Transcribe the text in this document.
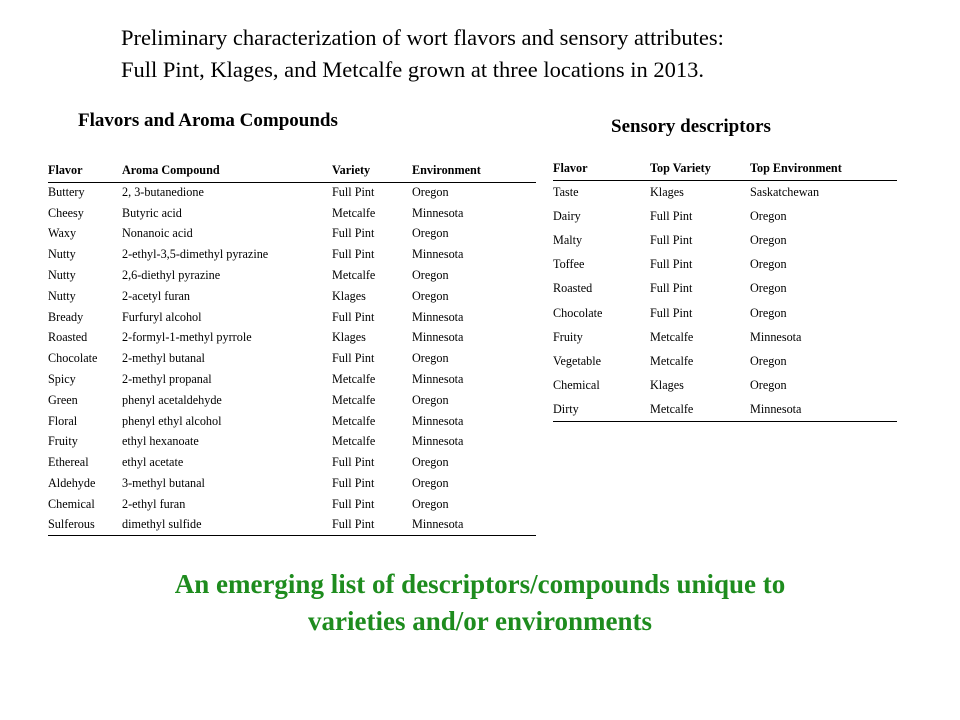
Preliminary characterization of wort flavors and sensory attributes:
Full Pint, Klages, and Metcalfe grown at three locations in 2013.
Flavors and Aroma Compounds	Sensory descriptors
Flavor	Aroma Compound	Variety	Environment
Buttery	2, 3-butanedione	Full Pint	Oregon
Cheesy	Butyric acid	Metcalfe	Minnesota
Waxy	Nonanoic acid	Full Pint	Oregon
Nutty	2-ethyl-3,5-dimethyl pyrazine	Full Pint	Minnesota
Nutty	2,6-diethyl pyrazine	Metcalfe	Oregon
Nutty	2-acetyl furan	Klages	Oregon
Bready	Furfuryl alcohol	Full Pint	Minnesota
Roasted	2-formyl-1-methyl pyrrole	Klages	Minnesota
Chocolate	2-methyl butanal	Full Pint	Oregon
Spicy	2-methyl propanal	Metcalfe	Minnesota
Green	phenyl acetaldehyde	Metcalfe	Oregon
Floral	phenyl ethyl alcohol	Metcalfe	Minnesota
Fruity	ethyl hexanoate	Metcalfe	Minnesota
Ethereal	ethyl acetate	Full Pint	Oregon
Aldehyde	3-methyl butanal	Full Pint	Oregon
Chemical	2-ethyl furan	Full Pint	Oregon
Sulferous	dimethyl sulfide	Full Pint	Minnesota
Flavor	Top Variety	Top Environment
Taste	Klages	Saskatchewan
Dairy	Full Pint	Oregon
Malty	Full Pint	Oregon
Toffee	Full Pint	Oregon
Roasted	Full Pint	Oregon
Chocolate	Full Pint	Oregon
Fruity	Metcalfe	Minnesota
Vegetable	Metcalfe	Oregon
Chemical	Klages	Oregon
Dirty	Metcalfe	Minnesota

An emerging list of descriptors/compounds unique to
varieties and/or environments
